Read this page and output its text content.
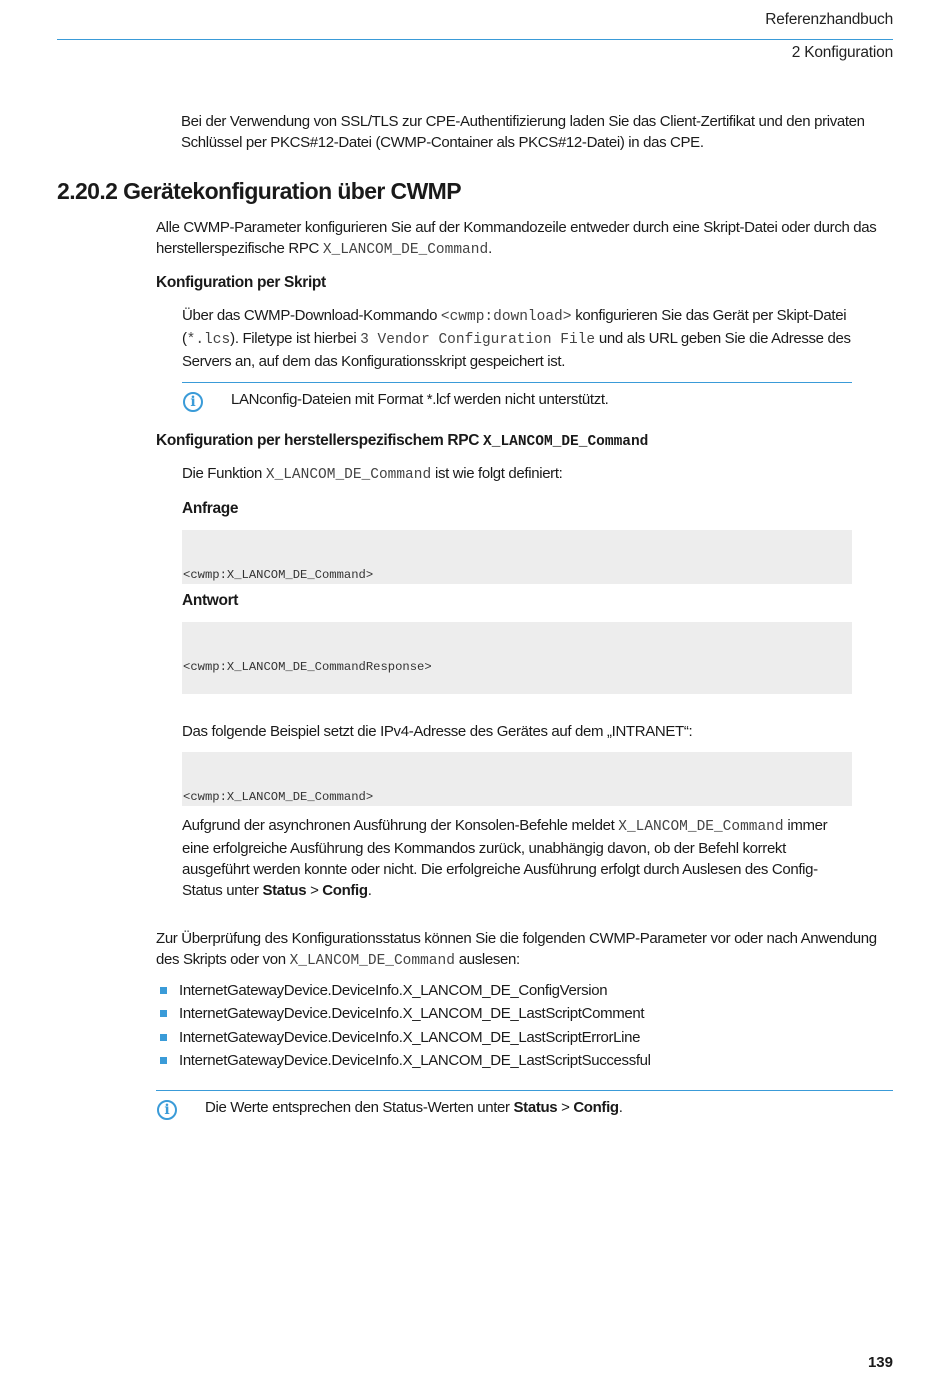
Referenzhandbuch
2 Konfiguration
Bei der Verwendung von SSL/TLS zur CPE-Authentifizierung laden Sie das Client-Zertifikat und den privaten Schlüssel per PKCS#12-Datei (CWMP-Container als PKCS#12-Datei) in das CPE.
2.20.2 Gerätekonfiguration über CWMP
Alle CWMP-Parameter konfigurieren Sie auf der Kommandozeile entweder durch eine Skript-Datei oder durch das herstellerspezifische RPC X_LANCOM_DE_Command.
Konfiguration per Skript
Über das CWMP-Download-Kommando <cwmp:download> konfigurieren Sie das Gerät per Skipt-Datei (*.lcs). Filetype ist hierbei 3 Vendor Configuration File und als URL geben Sie die Adresse des Servers an, auf dem das Konfigurationsskript gespeichert ist.
i	LANconfig-Dateien mit Format *.lcf werden nicht unterstützt.
Konfiguration per herstellerspezifischem RPC X_LANCOM_DE_Command
Die Funktion X_LANCOM_DE_Command ist wie folgt definiert:
Anfrage

<cwmp:X_LANCOM_DE_Command>

Antwort

<cwmp:X_LANCOM_DE_CommandResponse>

Das folgende Beispiel setzt die IPv4-Adresse des Gerätes auf dem „INTRANET“:

<cwmp:X_LANCOM_DE_Command>

Aufgrund der asynchronen Ausführung der Konsolen-Befehle meldet X_LANCOM_DE_Command immer eine erfolgreiche Ausführung des Kommandos zurück, unabhängig davon, ob der Befehl korrekt ausgeführt werden konnte oder nicht. Die erfolgreiche Ausführung erfolgt durch Auslesen des Config-Status unter Status > Config.
Zur Überprüfung des Konfigurationsstatus können Sie die folgenden CWMP-Parameter vor oder nach Anwendung des Skripts oder von X_LANCOM_DE_Command auslesen:
InternetGatewayDevice.DeviceInfo.X_LANCOM_DE_ConfigVersion
InternetGatewayDevice.DeviceInfo.X_LANCOM_DE_LastScriptComment
InternetGatewayDevice.DeviceInfo.X_LANCOM_DE_LastScriptErrorLine
InternetGatewayDevice.DeviceInfo.X_LANCOM_DE_LastScriptSuccessful
i	Die Werte entsprechen den Status-Werten unter Status > Config.
139
